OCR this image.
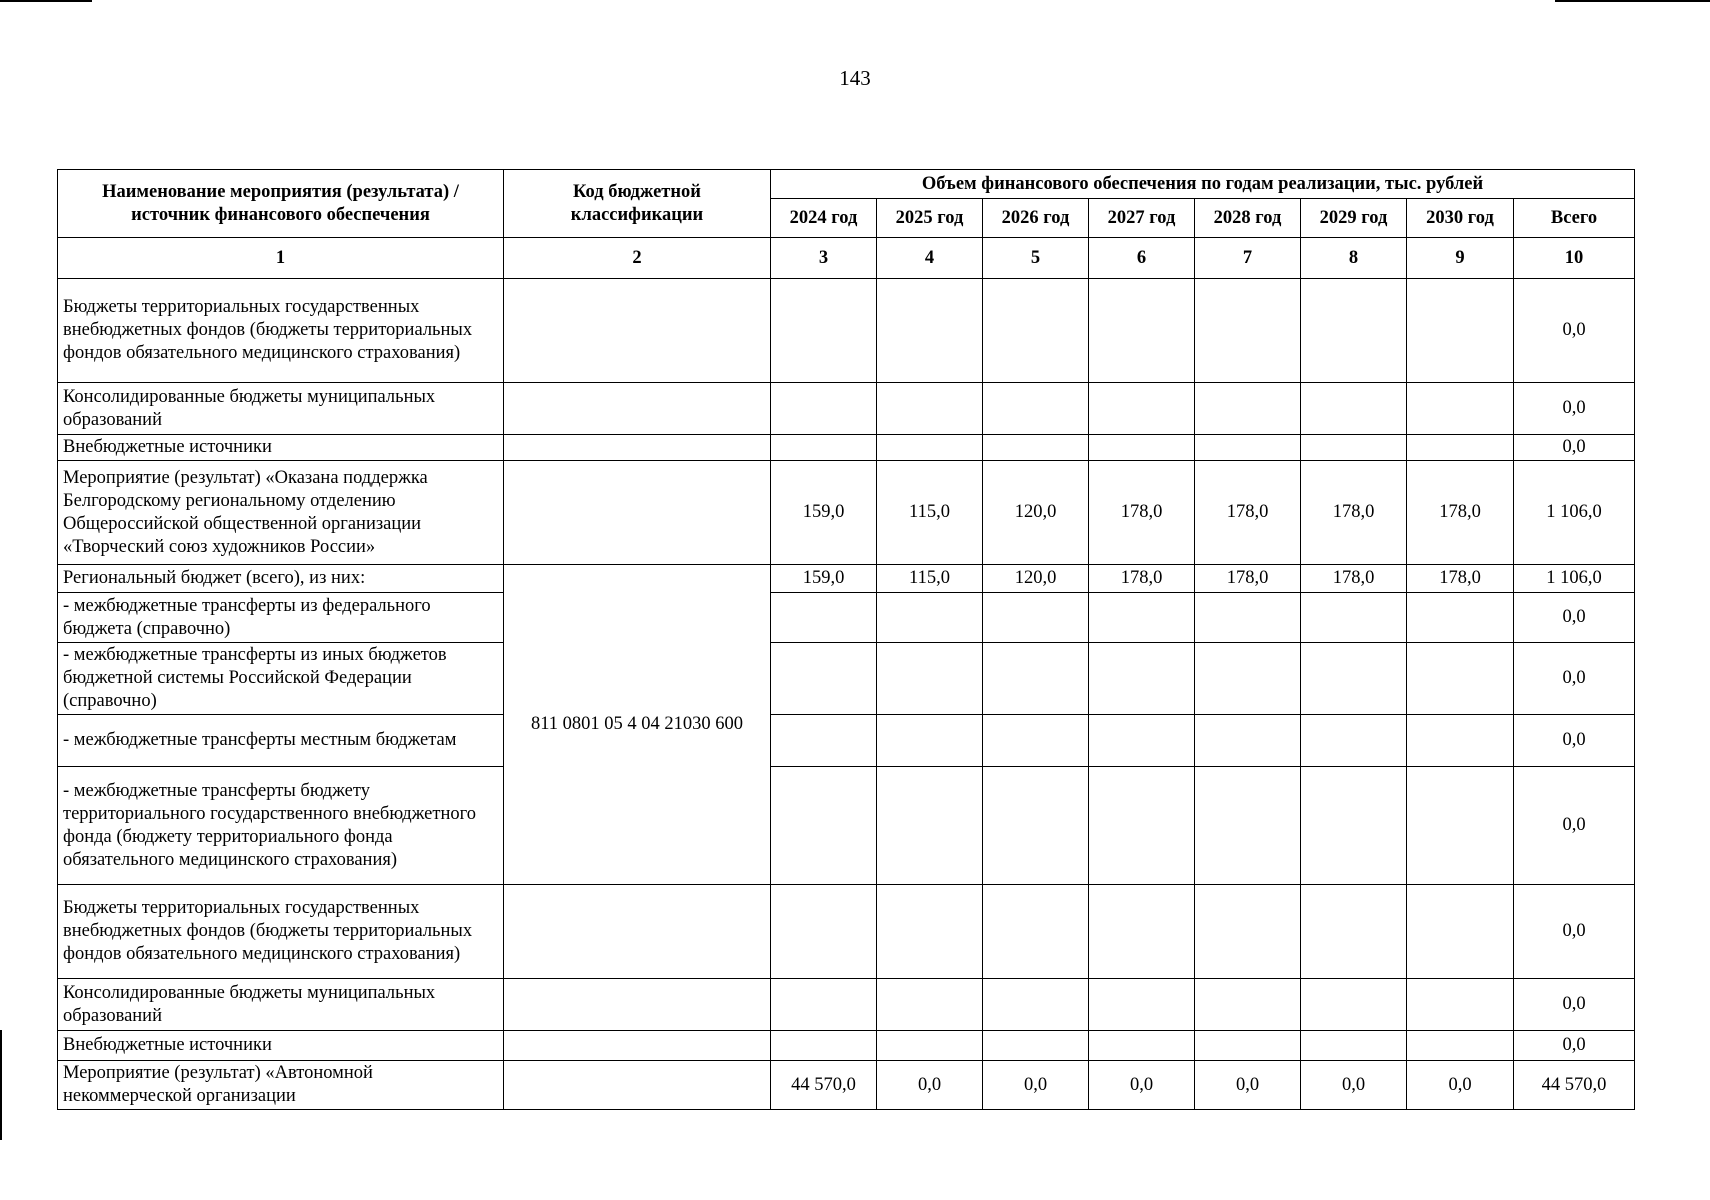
143
Наименование мероприятия (результата) / источник финансового обеспечения	Код бюджетной классификации	Объем финансового обеспечения по годам реализации, тыс. рублей							
		2024 год	2025 год	2026 год	2027 год	2028 год	2029 год	2030 год	Всего
1	2	3	4	5	6	7	8	9	10
Бюджеты территориальных государственных внебюджетных фондов (бюджеты территориальных фондов обязательного медицинского страхования)									0,0
Консолидированные бюджеты муниципальных образований									0,0
Внебюджетные источники									0,0
Мероприятие (результат) «Оказана поддержка Белгородскому региональному отделению Общероссийской общественной организации «Творческий союз художников России»		159,0	115,0	120,0	178,0	178,0	178,0	178,0	1 106,0
Региональный бюджет (всего), из них:	811 0801 05 4 04 21030 600	159,0	115,0	120,0	178,0	178,0	178,0	178,0	1 106,0
- межбюджетные трансферты из федерального бюджета (справочно)									0,0
- межбюджетные трансферты из иных бюджетов бюджетной системы Российской Федерации (справочно)									0,0
- межбюджетные трансферты местным бюджетам									0,0
- межбюджетные трансферты бюджету территориального государственного внебюджетного фонда (бюджету территориального фонда обязательного медицинского страхования)									0,0
Бюджеты территориальных государственных внебюджетных фондов (бюджеты территориальных фондов обязательного медицинского страхования)									0,0
Консолидированные бюджеты муниципальных образований									0,0
Внебюджетные источники									0,0
Мероприятие (результат) «Автономной некоммерческой организации		44 570,0	0,0	0,0	0,0	0,0	0,0	0,0	44 570,0
